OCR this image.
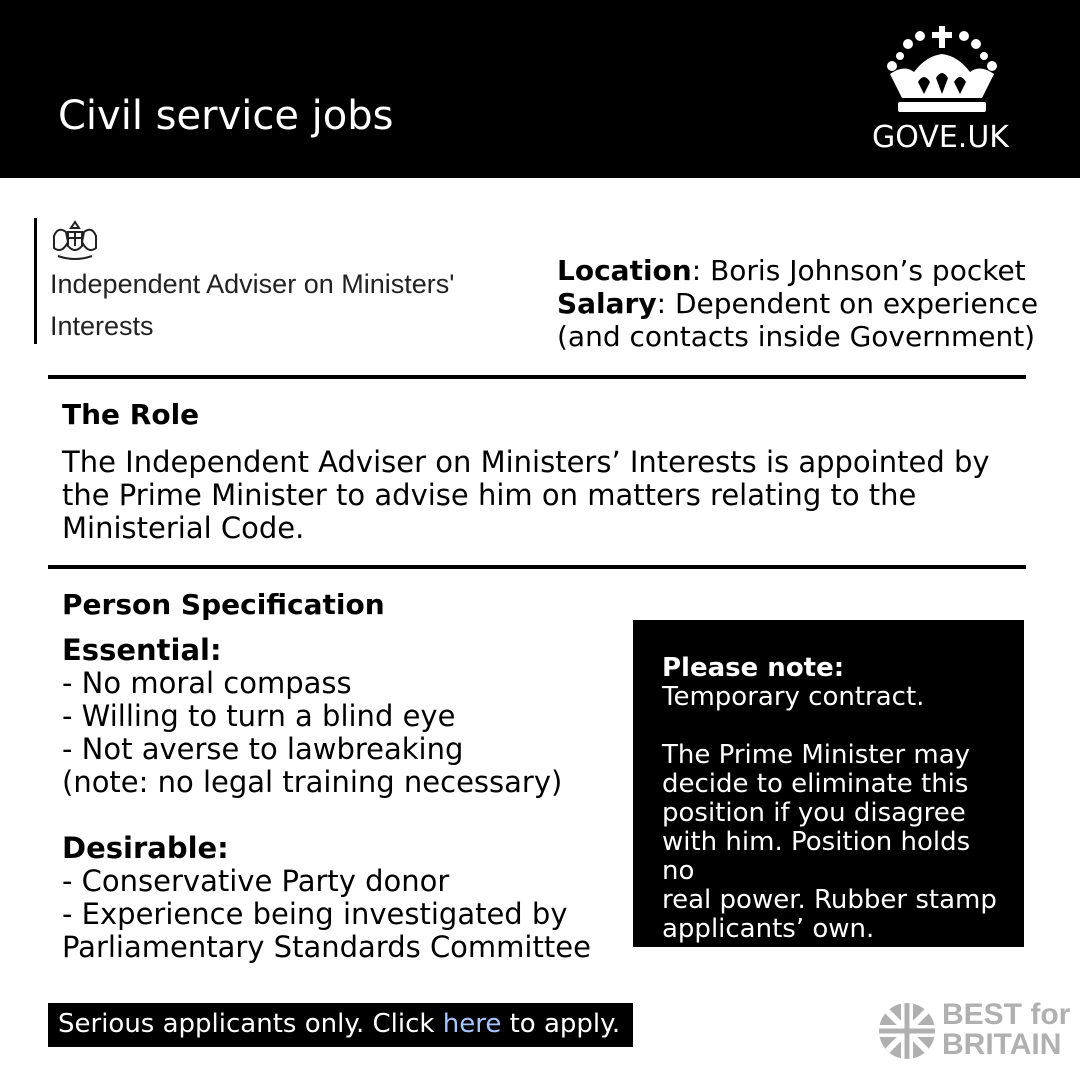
Civil service jobs	GOVE.UK
Independent Adviser on Ministers'
Interests
Location: Boris Johnson’s pocket
Salary: Dependent on experience
(and contacts inside Government)
The Role
The Independent Adviser on Ministers’ Interests is appointed by
the Prime Minister to advise him on matters relating to the
Ministerial Code.
Person Specification
Essential:
- No moral compass
- Willing to turn a blind eye
- Not averse to lawbreaking
(note: no legal training necessary)
Desirable:
- Conservative Party donor
- Experience being investigated by
Parliamentary Standards Committee

Please note:

Temporary contract.

The Prime Minister may

decide to eliminate this

position if you disagree

with him. Position holds no

real power. Rubber stamp

applicants’ own.

Serious applicants only. Click here to apply.	BEST for
BRITAIN
